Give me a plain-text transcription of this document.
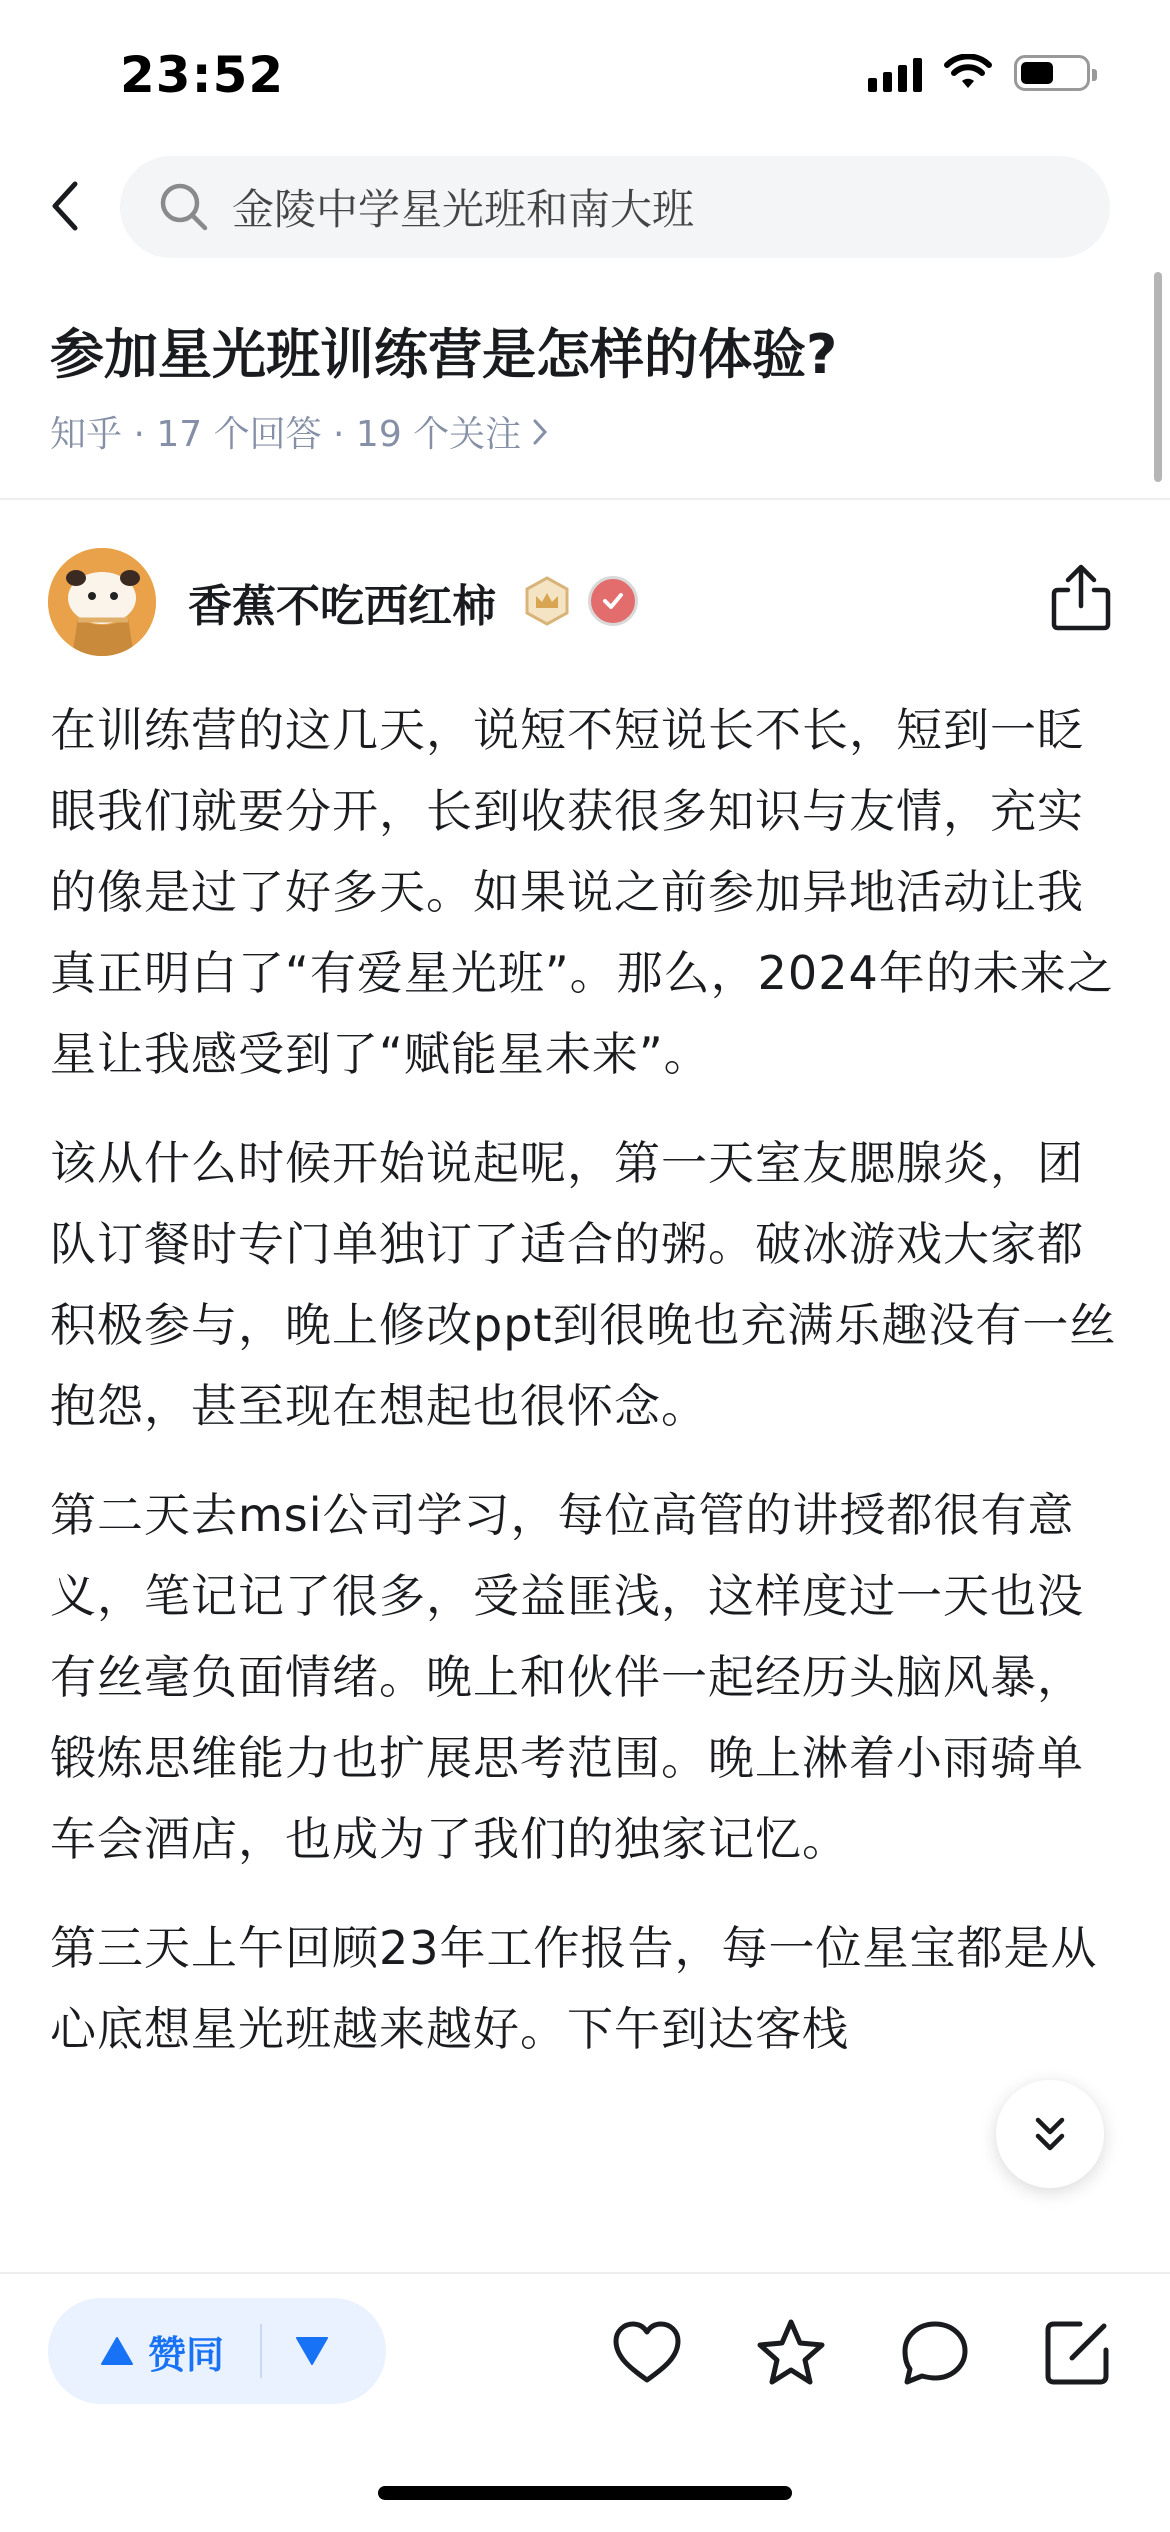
23:52
金陵中学星光班和南大班
参加星光班训练营是怎样的体验?
知乎 · 17 个回答 · 19 个关注
香蕉不吃西红柿

在训练营的这几天，说短不短说长不长，短到一眨眼我们就要分开，长到收获很多知识与友情，充实的像是过了好多天。如果说之前参加异地活动让我真正明白了“有爱星光班”。那么，2024年的未来之星让我感受到了“赋能星未来”。

该从什么时候开始说起呢，第一天室友腮腺炎，团队订餐时专门单独订了适合的粥。破冰游戏大家都积极参与，晚上修改ppt到很晚也充满乐趣没有一丝抱怨，甚至现在想起也很怀念。

第二天去msi公司学习，每位高管的讲授都很有意义，笔记记了很多，受益匪浅，这样度过一天也没有丝毫负面情绪。晚上和伙伴一起经历头脑风暴，锻炼思维能力也扩展思考范围。晚上淋着小雨骑单车会酒店，也成为了我们的独家记忆。

第三天上午回顾23年工作报告，每一位星宝都是从心底想星光班越来越好。下午到达客栈

赞同
